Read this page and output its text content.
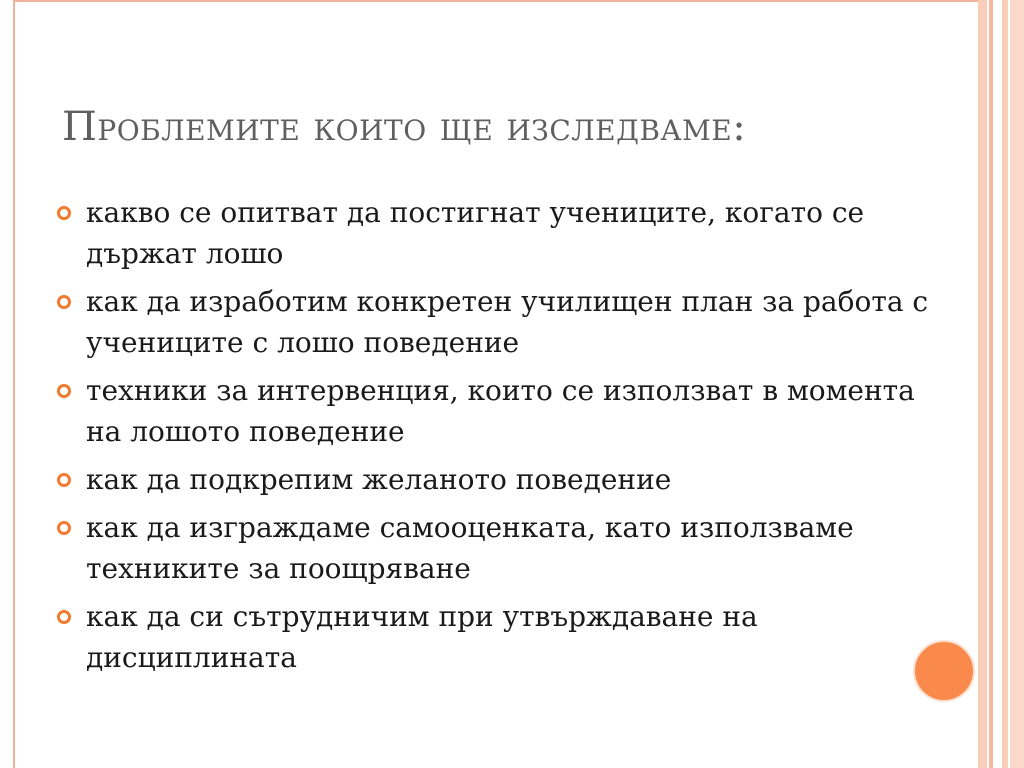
Проблемите които ще изследваме:
какво се опитват да постигнат учениците, когато се държат лошо
как да изработим конкретен училищен план за работа с учениците с лошо поведение
техники за интервенция, които се използват в момента на лошото поведение
как да подкрепим желаното поведение
как да изграждаме самооценката, като използваме техниките за поощряване
как да си сътрудничим при утвърждаване на дисциплината
